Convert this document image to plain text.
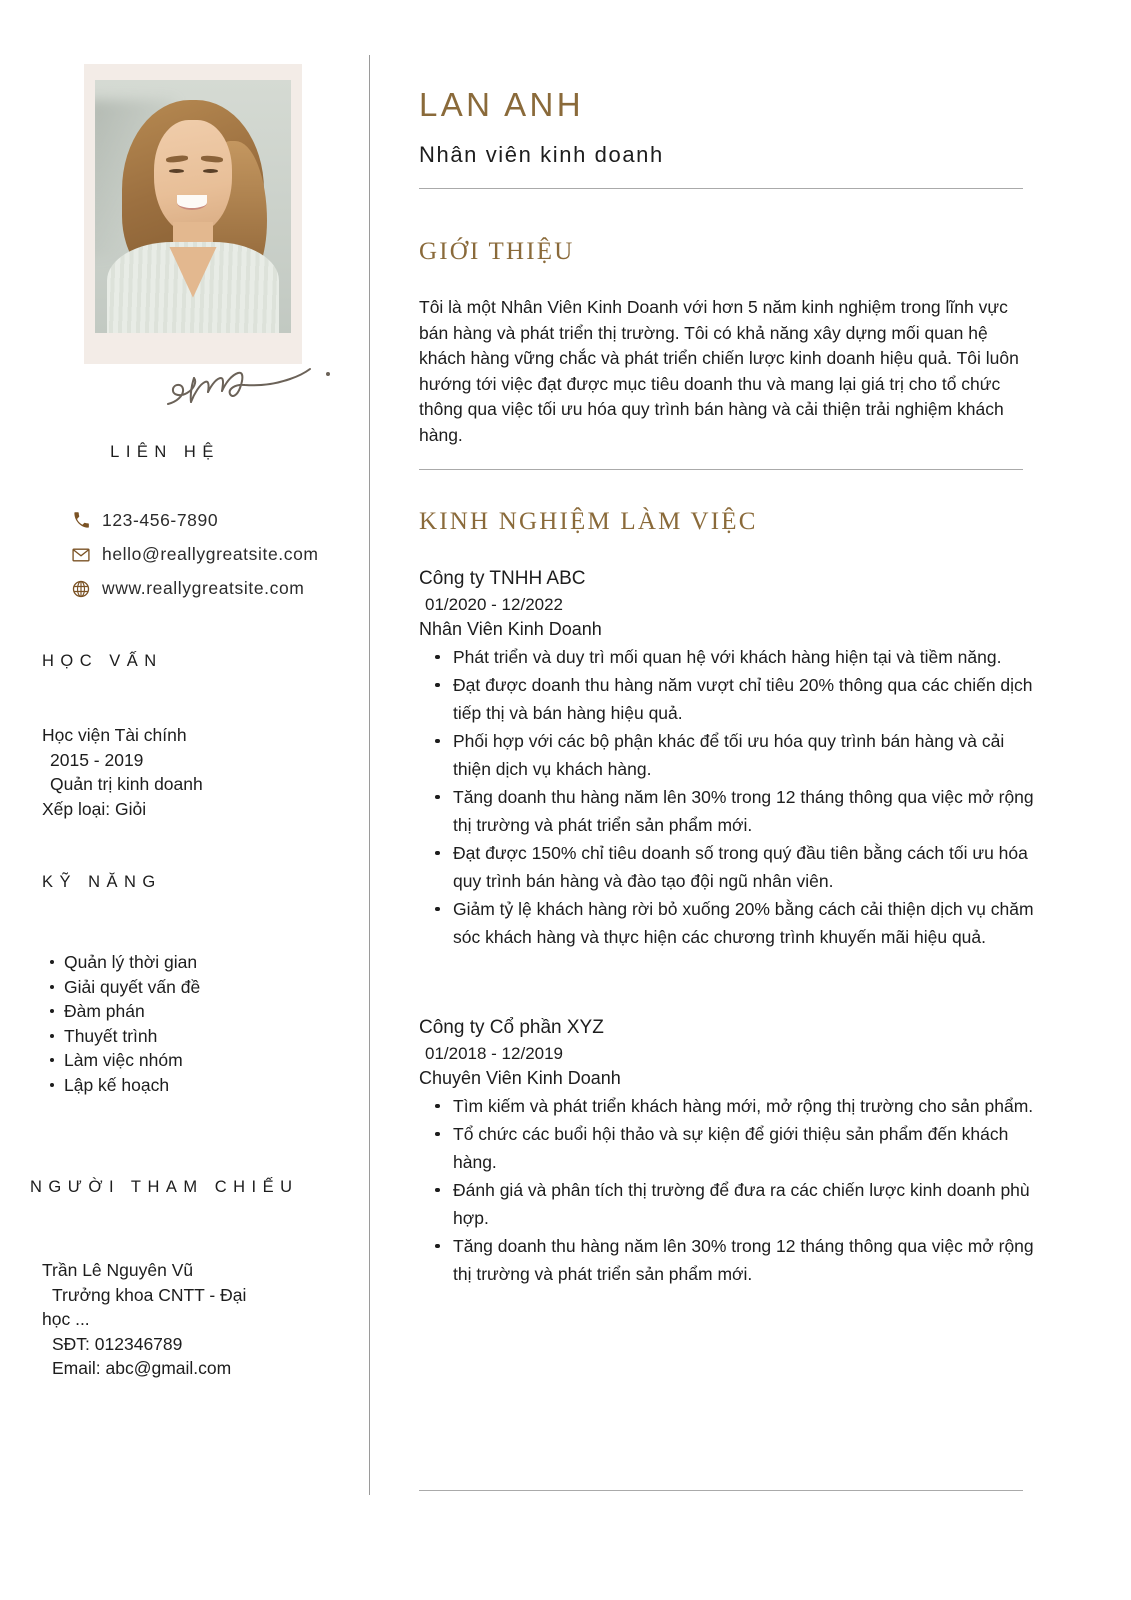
LIÊN HỆ
123-456-7890
hello@reallygreatsite.com
www.reallygreatsite.com
HỌC VẤN
Học viện Tài chính
2015 - 2019
Quản trị kinh doanh
Xếp loại: Giỏi
KỸ NĂNG
Quản lý thời gian
Giải quyết vấn đề
Đàm phán
Thuyết trình
Làm việc nhóm
Lập kế hoạch
NGƯỜI THAM CHIẾU
Trần Lê Nguyên Vũ
Trưởng khoa CNTT - Đại
học ...
SĐT: 012346789
Email: abc@gmail.com
LAN ANH
Nhân viên kinh doanh
GIỚI THIỆU
Tôi là một Nhân Viên Kinh Doanh với hơn 5 năm kinh nghiệm trong lĩnh vực bán hàng và phát triển thị trường. Tôi có khả năng xây dựng mối quan hệ khách hàng vững chắc và phát triển chiến lược kinh doanh hiệu quả. Tôi luôn hướng tới việc đạt được mục tiêu doanh thu và mang lại giá trị cho tổ chức thông qua việc tối ưu hóa quy trình bán hàng và cải thiện trải nghiệm khách hàng.
KINH NGHIỆM LÀM VIỆC
Công ty TNHH ABC
01/2020 - 12/2022
Nhân Viên Kinh Doanh
Phát triển và duy trì mối quan hệ với khách hàng hiện tại và tiềm năng.
Đạt được doanh thu hàng năm vượt chỉ tiêu 20% thông qua các chiến dịch tiếp thị và bán hàng hiệu quả.
Phối hợp với các bộ phận khác để tối ưu hóa quy trình bán hàng và cải thiện dịch vụ khách hàng.
Tăng doanh thu hàng năm lên 30% trong 12 tháng thông qua việc mở rộng thị trường và phát triển sản phẩm mới.
Đạt được 150% chỉ tiêu doanh số trong quý đầu tiên bằng cách tối ưu hóa quy trình bán hàng và đào tạo đội ngũ nhân viên.
Giảm tỷ lệ khách hàng rời bỏ xuống 20% bằng cách cải thiện dịch vụ chăm sóc khách hàng và thực hiện các chương trình khuyến mãi hiệu quả.
Công ty Cổ phần XYZ
01/2018 - 12/2019
Chuyên Viên Kinh Doanh
Tìm kiếm và phát triển khách hàng mới, mở rộng thị trường cho sản phẩm.
Tổ chức các buổi hội thảo và sự kiện để giới thiệu sản phẩm đến khách hàng.
Đánh giá và phân tích thị trường để đưa ra các chiến lược kinh doanh phù hợp.
Tăng doanh thu hàng năm lên 30% trong 12 tháng thông qua việc mở rộng thị trường và phát triển sản phẩm mới.
